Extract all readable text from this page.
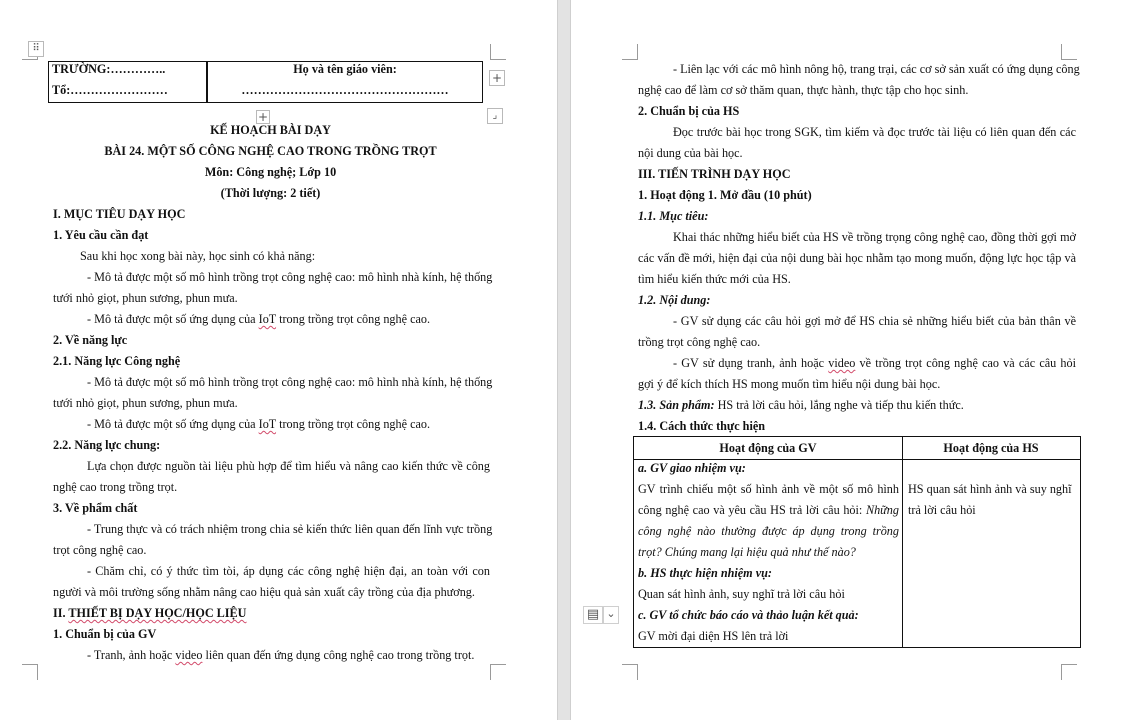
⠿
TRƯỜNG:…………..
Tổ:……………………
Họ và tên giáo viên:
……………………………………………
+
+	⌟
KẾ HOẠCH BÀI DẠY
BÀI 24. MỘT SỐ CÔNG NGHỆ CAO TRONG TRỒNG TRỌT
Môn: Công nghệ; Lớp 10
(Thời lượng: 2 tiết)
I. MỤC TIÊU DẠY HỌC
1. Yêu cầu cần đạt
Sau khi học xong bài này, học sinh có khả năng:
- Mô tả được một số mô hình trồng trọt công nghệ cao: mô hình nhà kính, hệ thống
tưới nhỏ giọt, phun sương, phun mưa.
- Mô tả được một số ứng dụng của IoT trong trồng trọt công nghệ cao.
2. Về năng lực
2.1. Năng lực Công nghệ
- Mô tả được một số mô hình trồng trọt công nghệ cao: mô hình nhà kính, hệ thống
tưới nhỏ giọt, phun sương, phun mưa.
- Mô tả được một số ứng dụng của IoT trong trồng trọt công nghệ cao.
2.2. Năng lực chung:
Lựa chọn được nguồn tài liệu phù hợp để tìm hiểu và nâng cao kiến thức về công
nghệ cao trong trồng trọt.
3. Về phẩm chất
- Trung thực và có trách nhiệm trong chia sẻ kiến thức liên quan đến lĩnh vực trồng
trọt công nghệ cao.
- Chăm chỉ, có ý thức tìm tòi, áp dụng các công nghệ hiện đại, an toàn với con
người và môi trường sống nhằm nâng cao hiệu quả sản xuất cây trồng của địa phương.
II. THIẾT BỊ DẠY HỌC/HỌC LIỆU
1. Chuẩn bị của GV
- Tranh, ảnh hoặc video liên quan đến ứng dụng công nghệ cao trong trồng trọt.
- Liên lạc với các mô hình nông hộ, trang trại, các cơ sở sản xuất có ứng dụng công
nghệ cao để làm cơ sở thăm quan, thực hành, thực tập cho học sinh.
2. Chuẩn bị của HS
Đọc trước bài học trong SGK, tìm kiếm và đọc trước tài liệu có liên quan đến các
nội dung của bài học.
III. TIẾN TRÌNH DẠY HỌC
1. Hoạt động 1. Mở đầu (10 phút)
1.1. Mục tiêu:
Khai thác những hiểu biết của HS về trồng trọng công nghệ cao, đồng thời gợi mở
các vấn đề mới, hiện đại của nội dung bài học nhằm tạo mong muốn, động lực học tập và
tìm hiểu kiến thức mới của HS.
1.2. Nội dung:
- GV sử dụng các câu hỏi gợi mở để HS chia sẻ những hiểu biết của bản thân về
trồng trọt công nghệ cao.
- GV sử dụng tranh, ảnh hoặc video về trồng trọt công nghệ cao và các câu hỏi
gợi ý để kích thích HS mong muốn tìm hiểu nội dung bài học.
1.3. Sản phẩm: HS trả lời câu hỏi, lắng nghe và tiếp thu kiến thức.
1.4. Cách thức thực hiện
Hoạt động của GV	Hoạt động của HS
a. GV giao nhiệm vụ:
GV trình chiếu một số hình ảnh về một số mô hình
công nghệ cao và yêu cầu HS trả lời câu hỏi: Những
công nghệ nào thường được áp dụng trong trồng
trọt? Chúng mang lại hiệu quả như thế nào?
b. HS thực hiện nhiệm vụ:
Quan sát hình ảnh, suy nghĩ trả lời câu hỏi
c. GV tổ chức báo cáo và thảo luận kết quả:
GV mời đại diện HS lên trả lời
HS quan sát hình ảnh và suy nghĩ
trả lời câu hỏi
▤ ⌄
